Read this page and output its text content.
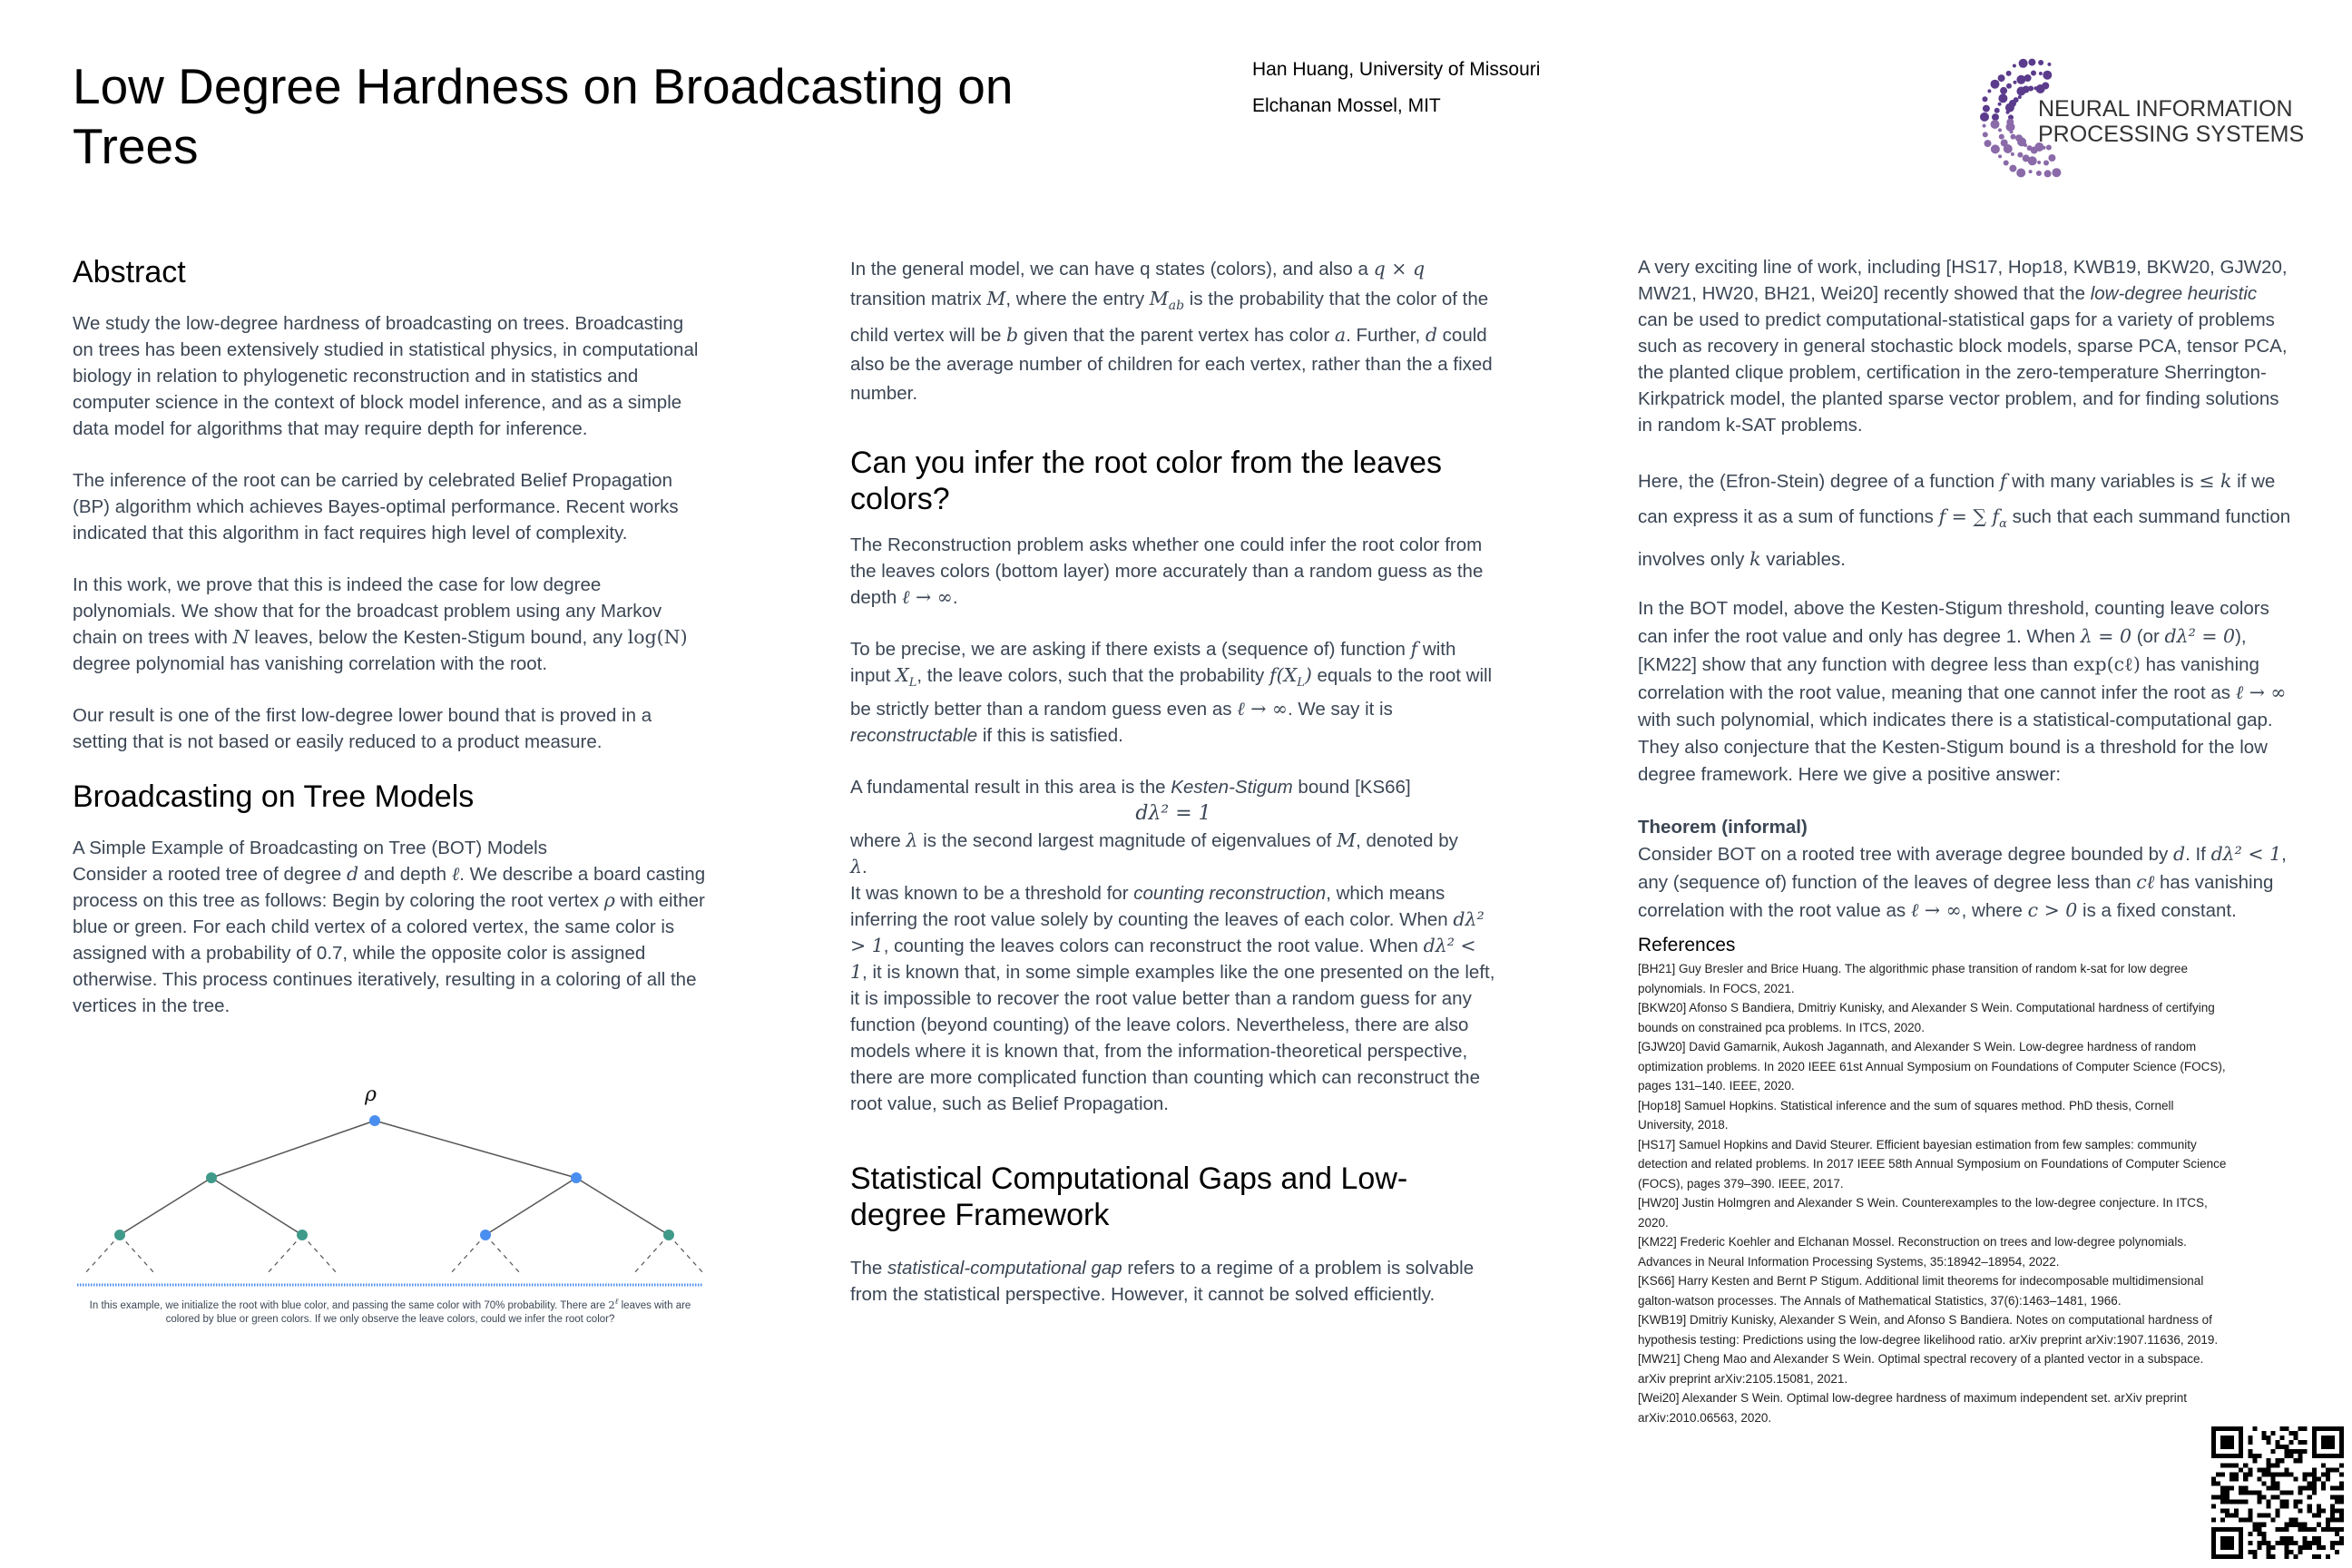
Low Degree Hardness on Broadcasting on Trees
Han Huang, University of Missouri
Elchanan Mossel, MIT	NEURAL INFORMATION
PROCESSING SYSTEMS
Abstract

We study the low-degree hardness of broadcasting on trees. Broadcasting on trees has been extensively studied in statistical physics, in computational biology in relation to phylogenetic reconstruction and in statistics and computer science in the context of block model inference, and as a simple data model for algorithms that may require depth for inference.

The inference of the root can be carried by celebrated Belief Propagation (BP) algorithm which achieves Bayes-optimal performance. Recent works indicated that this algorithm in fact requires high level of complexity.

In this work, we prove that this is indeed the case for low degree polynomials. We show that for the broadcast problem using any Markov chain on trees with N leaves, below the Kesten-Stigum bound, any log(N) degree polynomial has vanishing correlation with the root.

Our result is one of the first low-degree lower bound that is proved in a setting that is not based or easily reduced to a product measure.

Broadcasting on Tree Models

A Simple Example of Broadcasting on Tree (BOT) Models

Consider a rooted tree of degree d and depth ℓ. We describe a board casting process on this tree as follows: Begin by coloring the root vertex ρ with either blue or green. For each child vertex of a colored vertex, the same color is assigned with a probability of 0.7, while the opposite color is assigned otherwise. This process continues iteratively, resulting in a coloring of all the vertices in the tree.

ρ
In this example, we initialize the root with blue color, and passing the same color with 70% probability. There are $2^\ell$ leaves with are colored by blue or green colors. If we only observe the leave colors, could we infer the root color?

In the general model, we can have q states (colors), and also a q × q transition matrix M, where the entry $M_{ab}$ is the probability that the color of the child vertex will be b given that the parent vertex has color a. Further, d could also be the average number of children for each vertex, rather than the a fixed number.

Can you infer the root color from the leaves colors?

The Reconstruction problem asks whether one could infer the root color from the leaves colors (bottom layer) more accurately than a random guess as the depth ℓ → ∞.

To be precise, we are asking if there exists a (sequence of) function f with input $X_L$, the leave colors, such that the probability $f(X_L)$ equals to the root will be strictly better than a random guess even as ℓ → ∞. We say it is reconstructable if this is satisfied.

A fundamental result in this area is the Kesten-Stigum bound [KS66]

dλ² = 1

where λ is the second largest magnitude of eigenvalues of M, denoted by
λ.

It was known to be a threshold for counting reconstruction, which means inferring the root value solely by counting the leaves of each color. When dλ² > 1, counting the leaves colors can reconstruct the root value. When dλ² < 1, it is known that, in some simple examples like the one presented on the left, it is impossible to recover the root value better than a random guess for any function (beyond counting) of the leave colors. Nevertheless, there are also models where it is known that, from the information-theoretical perspective, there are more complicated function than counting which can reconstruct the root value, such as Belief Propagation.

Statistical Computational Gaps and Low-degree Framework

The statistical-computational gap refers to a regime of a problem is solvable from the statistical perspective. However, it cannot be solved efficiently.

A very exciting line of work, including [HS17, Hop18, KWB19, BKW20, GJW20, MW21, HW20, BH21, Wei20] recently showed that the low-degree heuristic can be used to predict computational-statistical gaps for a variety of problems such as recovery in general stochastic block models, sparse PCA, tensor PCA, the planted clique problem, certification in the zero-temperature Sherrington-Kirkpatrick model, the planted sparse vector problem, and for finding solutions in random k-SAT problems.

Here, the (Efron-Stein) degree of a function f with many variables is ≤ k if we can express it as a sum of functions f = ∑ $f_\alpha$ such that each summand function involves only k variables.

In the BOT model, above the Kesten-Stigum threshold, counting leave colors can infer the root value and only has degree 1. When λ = 0 (or dλ² = 0), [KM22] show that any function with degree less than exp(cℓ) has vanishing correlation with the root value, meaning that one cannot infer the root as ℓ → ∞ with such polynomial, which indicates there is a statistical-computational gap. They also conjecture that the Kesten-Stigum bound is a threshold for the low degree framework. Here we give a positive answer:

Theorem (informal)

Consider BOT on a rooted tree with average degree bounded by d. If dλ² < 1, any (sequence of) function of the leaves of degree less than cℓ has vanishing correlation with the root value as ℓ → ∞, where c > 0 is a fixed constant.

References

[BH21] Guy Bresler and Brice Huang. The algorithmic phase transition of random k-sat for low degree polynomials. In FOCS, 2021.

[BKW20] Afonso S Bandiera, Dmitriy Kunisky, and Alexander S Wein. Computational hardness of certifying bounds on constrained pca problems. In ITCS, 2020.

[GJW20] David Gamarnik, Aukosh Jagannath, and Alexander S Wein. Low-degree hardness of random optimization problems. In 2020 IEEE 61st Annual Symposium on Foundations of Computer Science (FOCS), pages 131–140. IEEE, 2020.

[Hop18] Samuel Hopkins. Statistical inference and the sum of squares method. PhD thesis, Cornell University, 2018.

[HS17] Samuel Hopkins and David Steurer. Efficient bayesian estimation from few samples: community detection and related problems. In 2017 IEEE 58th Annual Symposium on Foundations of Computer Science (FOCS), pages 379–390. IEEE, 2017.

[HW20] Justin Holmgren and Alexander S Wein. Counterexamples to the low-degree conjecture. In ITCS, 2020.

[KM22] Frederic Koehler and Elchanan Mossel. Reconstruction on trees and low-degree polynomials. Advances in Neural Information Processing Systems, 35:18942–18954, 2022.

[KS66] Harry Kesten and Bernt P Stigum. Additional limit theorems for indecomposable multidimensional galton-watson processes. The Annals of Mathematical Statistics, 37(6):1463–1481, 1966.

[KWB19] Dmitriy Kunisky, Alexander S Wein, and Afonso S Bandiera. Notes on computational hardness of hypothesis testing: Predictions using the low-degree likelihood ratio. arXiv preprint arXiv:1907.11636, 2019.

[MW21] Cheng Mao and Alexander S Wein. Optimal spectral recovery of a planted vector in a subspace. arXiv preprint arXiv:2105.15081, 2021.

[Wei20] Alexander S Wein. Optimal low-degree hardness of maximum independent set. arXiv preprint arXiv:2010.06563, 2020.
